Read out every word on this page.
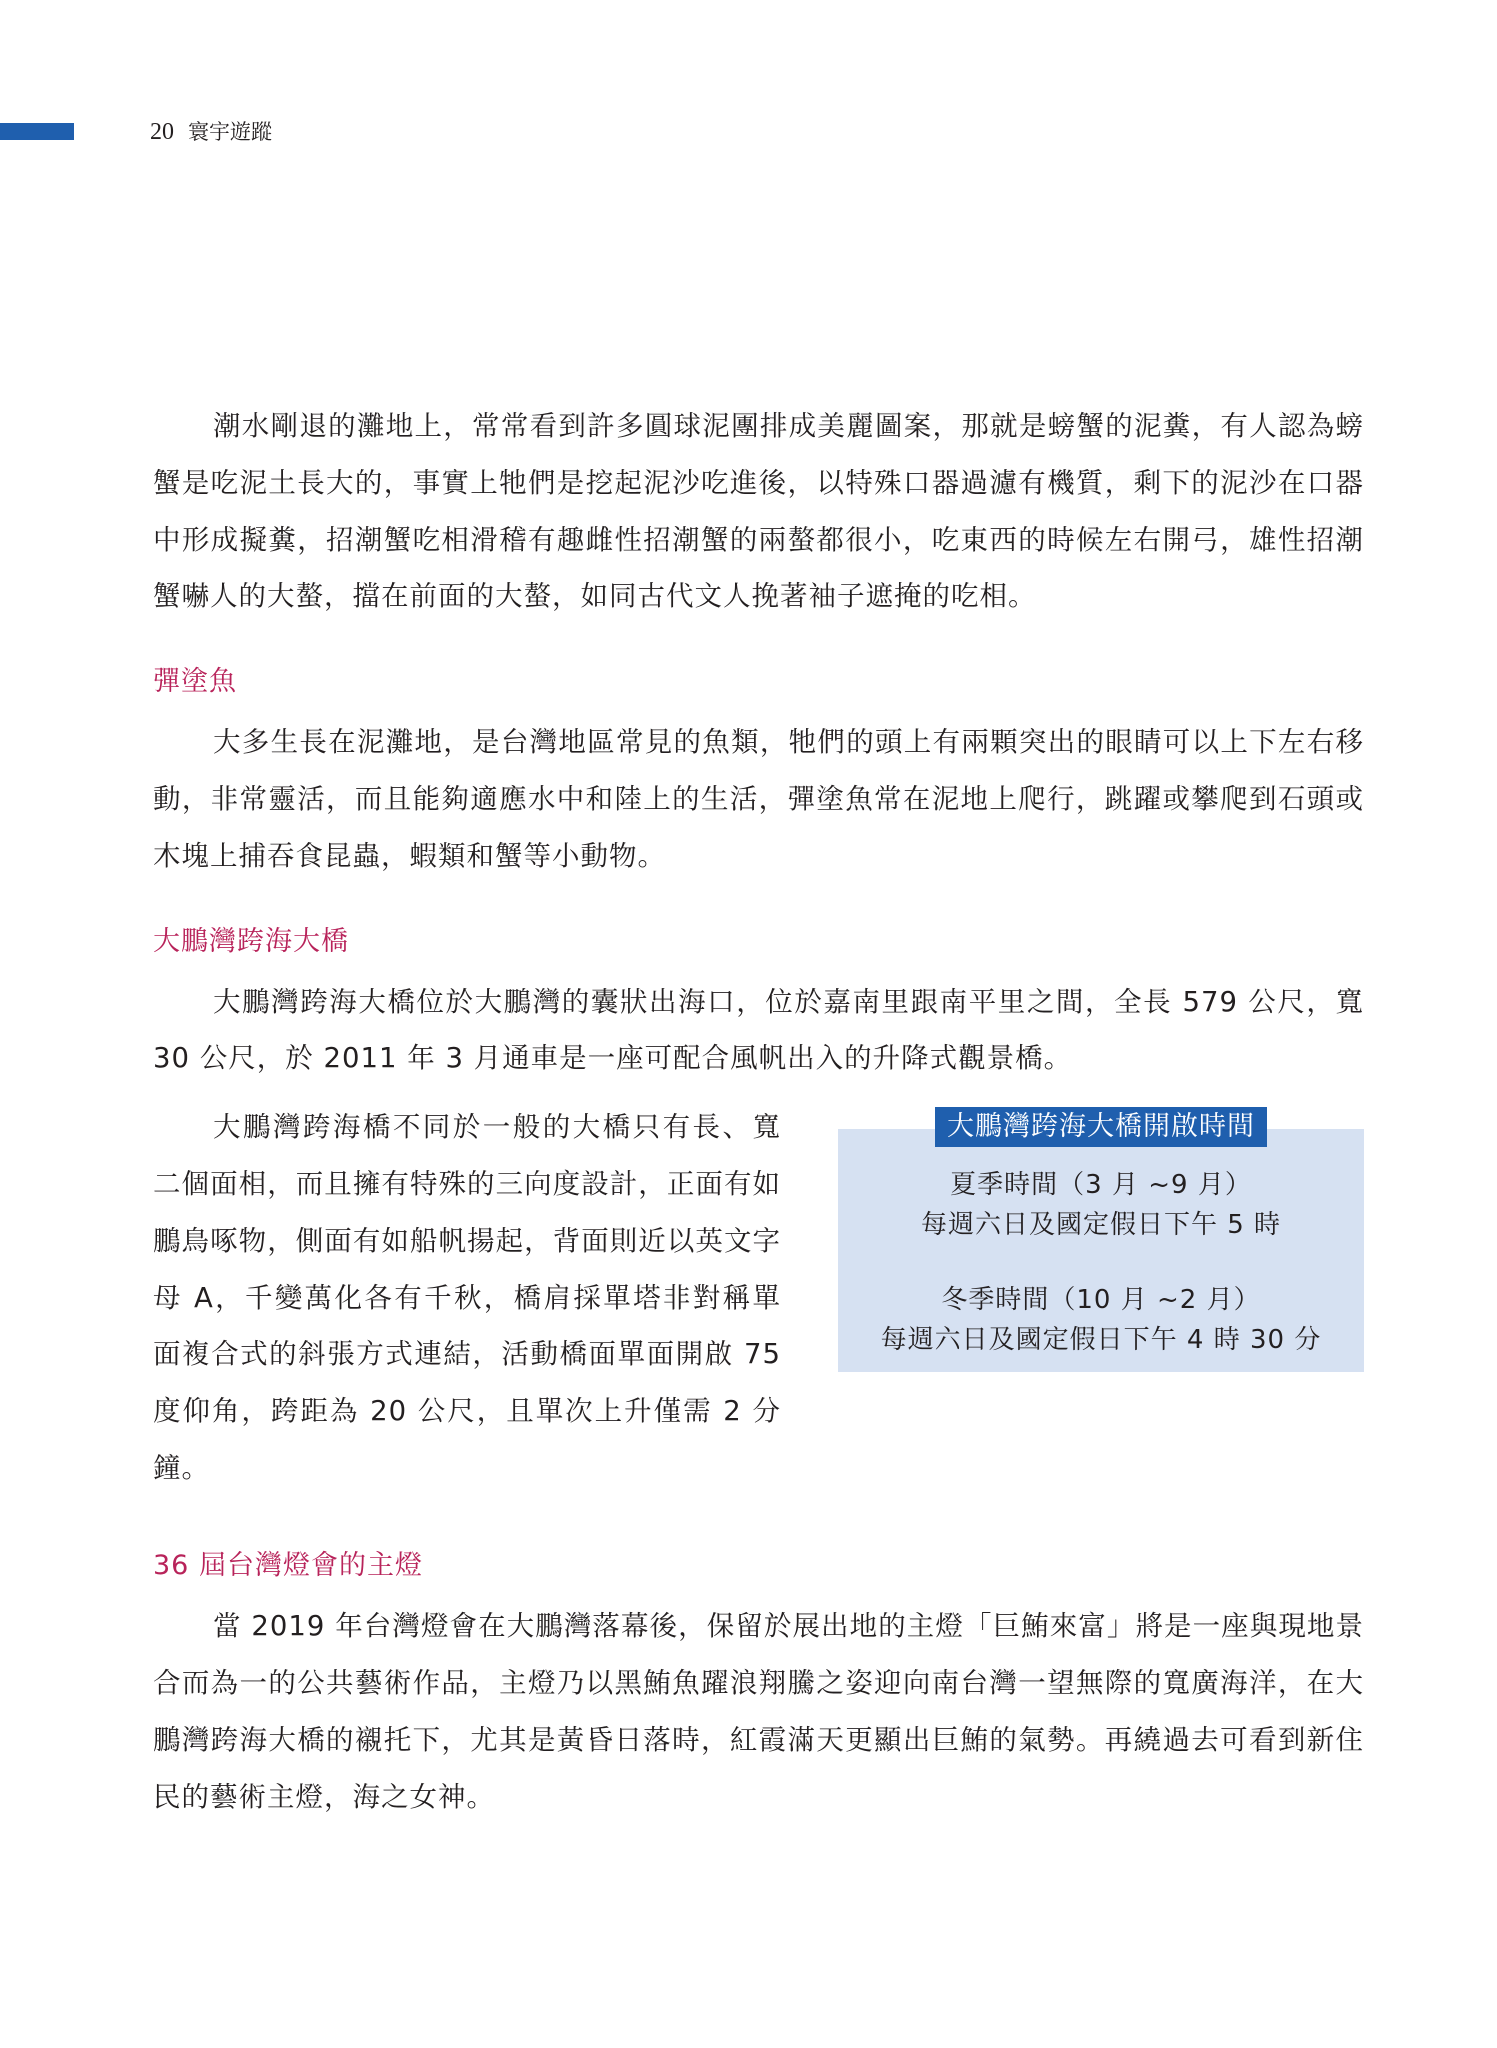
20 寰宇遊蹤

潮水剛退的灘地上，常常看到許多圓球泥團排成美麗圖案，那就是螃蟹的泥糞，有人認為螃蟹是吃泥土長大的，事實上牠們是挖起泥沙吃進後，以特殊口器過濾有機質，剩下的泥沙在口器中形成擬糞，招潮蟹吃相滑稽有趣雌性招潮蟹的兩螯都很小，吃東西的時候左右開弓，雄性招潮蟹嚇人的大螯，擋在前面的大螯，如同古代文人挽著袖子遮掩的吃相。

彈塗魚

大多生長在泥灘地，是台灣地區常見的魚類，牠們的頭上有兩顆突出的眼睛可以上下左右移動，非常靈活，而且能夠適應水中和陸上的生活，彈塗魚常在泥地上爬行，跳躍或攀爬到石頭或木塊上捕吞食昆蟲，蝦類和蟹等小動物。

大鵬灣跨海大橋

大鵬灣跨海大橋位於大鵬灣的囊狀出海口，位於嘉南里跟南平里之間，全長 579 公尺，寬 30 公尺，於 2011 年 3 月通車是一座可配合風帆出入的升降式觀景橋。

大鵬灣跨海橋不同於一般的大橋只有長、寬二個面相，而且擁有特殊的三向度設計，正面有如鵬鳥啄物，側面有如船帆揚起，背面則近以英文字母 A，千變萬化各有千秋，橋肩採單塔非對稱單面複合式的斜張方式連結，活動橋面單面開啟 75 度仰角，跨距為 20 公尺，且單次上升僅需 2 分鐘。

大鵬灣跨海大橋開啟時間
夏季時間（3 月 ~9 月）
每週六日及國定假日下午 5 時
冬季時間（10 月 ~2 月）
每週六日及國定假日下午 4 時 30 分
36 屆台灣燈會的主燈

當 2019 年台灣燈會在大鵬灣落幕後，保留於展出地的主燈「巨鮪來富」將是一座與現地景合而為一的公共藝術作品，主燈乃以黑鮪魚躍浪翔騰之姿迎向南台灣一望無際的寬廣海洋，在大鵬灣跨海大橋的襯托下，尤其是黃昏日落時，紅霞滿天更顯出巨鮪的氣勢。再繞過去可看到新住民的藝術主燈，海之女神。
